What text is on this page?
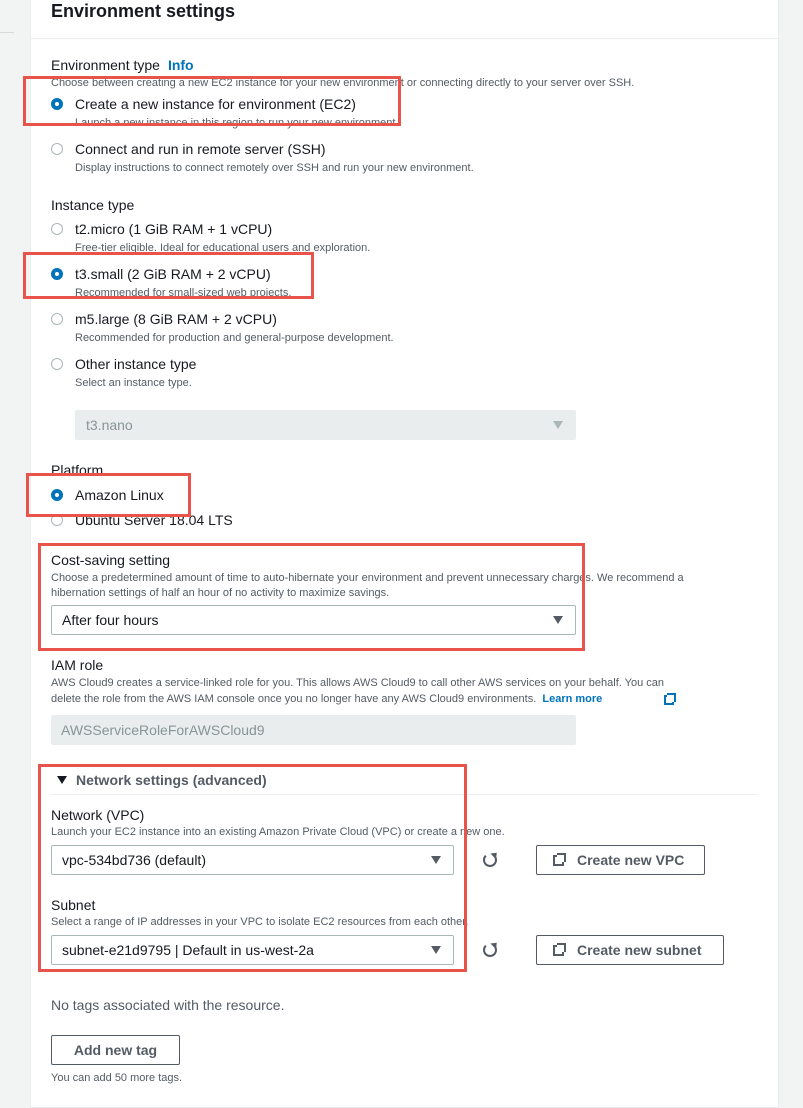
Environment settings
Environment type Info
Choose between creating a new EC2 instance for your new environment or connecting directly to your server over SSH.
Create a new instance for environment (EC2)
Launch a new instance in this region to run your new environment.
Connect and run in remote server (SSH)
Display instructions to connect remotely over SSH and run your new environment.
Instance type
t2.micro (1 GiB RAM + 1 vCPU)
Free-tier eligible. Ideal for educational users and exploration.
t3.small (2 GiB RAM + 2 vCPU)
Recommended for small-sized web projects.
m5.large (8 GiB RAM + 2 vCPU)
Recommended for production and general-purpose development.
Other instance type
Select an instance type.
t3.nano
Platform
Amazon Linux
Ubuntu Server 18.04 LTS
Cost-saving setting
Choose a predetermined amount of time to auto-hibernate your environment and prevent unnecessary charges. We recommend a
hibernation settings of half an hour of no activity to maximize savings.
After four hours
IAM role
AWS Cloud9 creates a service-linked role for you. This allows AWS Cloud9 to call other AWS services on your behalf. You can
delete the role from the AWS IAM console once you no longer have any AWS Cloud9 environments. Learn more
AWSServiceRoleForAWSCloud9
Network settings (advanced)
Network (VPC)
Launch your EC2 instance into an existing Amazon Private Cloud (VPC) or create a new one.
vpc-534bd736 (default)	Create new VPC
Subnet
Select a range of IP addresses in your VPC to isolate EC2 resources from each other.
subnet-e21d9795 | Default in us-west-2a	Create new subnet
No tags associated with the resource.
Add new tag
You can add 50 more tags.
